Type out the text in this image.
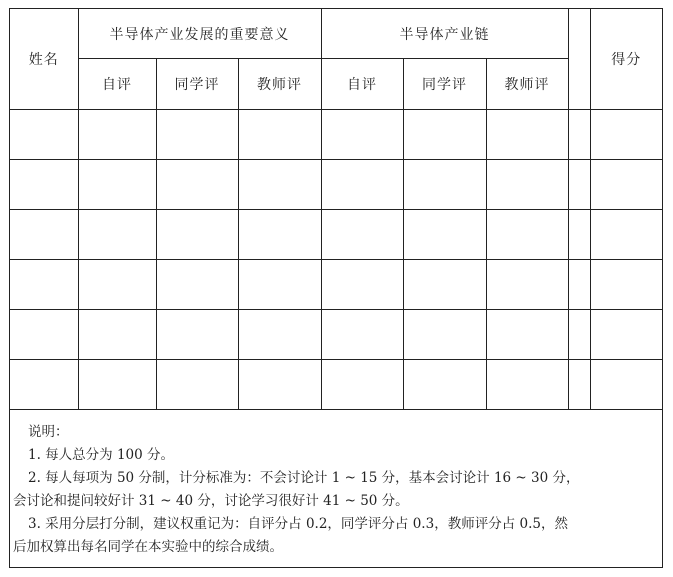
姓名	半导体产业发展的重要意义			半导体产业链				得分
	自评	同学评	教师评	自评	同学评	教师评		

说明：
1. 每人总分为 100 分。
2. 每人每项为 50 分制，计分标准为：不会讨论计 1 ~ 15 分，基本会讨论计 16 ~ 30 分，
会讨论和提问较好计 31 ~ 40 分，讨论学习很好计 41 ~ 50 分。
3. 采用分层打分制，建议权重记为：自评分占 0.2，同学评分占 0.3，教师评分占 0.5，然
后加权算出每名同学在本实验中的综合成绩。
